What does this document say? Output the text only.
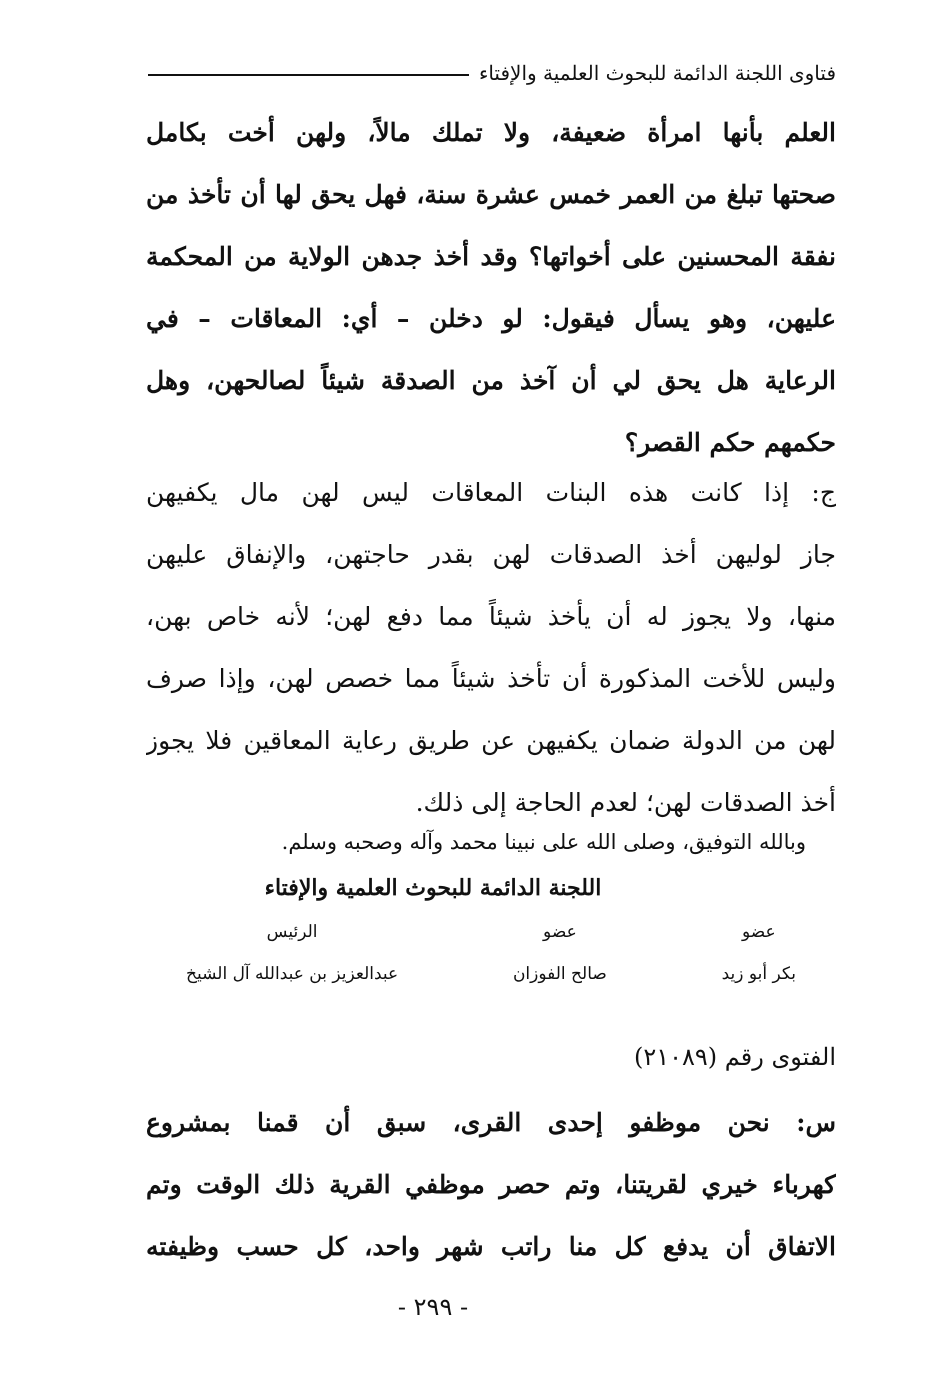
فتاوى اللجنة الدائمة للبحوث العلمية والإفتاء
العلم بأنها امرأة ضعيفة، ولا تملك مالاً، ولهن أخت بكامل
صحتها تبلغ من العمر خمس عشرة سنة، فهل يحق لها أن تأخذ من
نفقة المحسنين على أخواتها؟ وقد أخذ جدهن الولاية من المحكمة
عليهن، وهو يسأل فيقول: لو دخلن – أي: المعاقات – في
الرعاية هل يحق لي أن آخذ من الصدقة شيئاً لصالحهن، وهل
حكمهم حكم القصر؟
ج: إذا كانت هذه البنات المعاقات ليس لهن مال يكفيهن
جاز لوليهن أخذ الصدقات لهن بقدر حاجتهن، والإنفاق عليهن
منها، ولا يجوز له أن يأخذ شيئاً مما دفع لهن؛ لأنه خاص بهن،
وليس للأخت المذكورة أن تأخذ شيئاً مما خصص لهن، وإذا صرف
لهن من الدولة ضمان يكفيهن عن طريق رعاية المعاقين فلا يجوز
أخذ الصدقات لهن؛ لعدم الحاجة إلى ذلك.
وبالله التوفيق، وصلى الله على نبينا محمد وآله وصحبه وسلم.
اللجنة الدائمة للبحوث العلمية والإفتاء
عضو
بكر أبو زيد
عضو
صالح الفوزان
الرئيس
عبدالعزيز بن عبدالله آل الشيخ
الفتوى رقم (٢١٠٨٩)
س: نحن موظفو إحدى القرى، سبق أن قمنا بمشروع
كهرباء خيري لقريتنا، وتم حصر موظفي القرية ذلك الوقت وتم
الاتفاق أن يدفع كل منا راتب شهر واحد، كل حسب وظيفته
- ٢٩٩ -
